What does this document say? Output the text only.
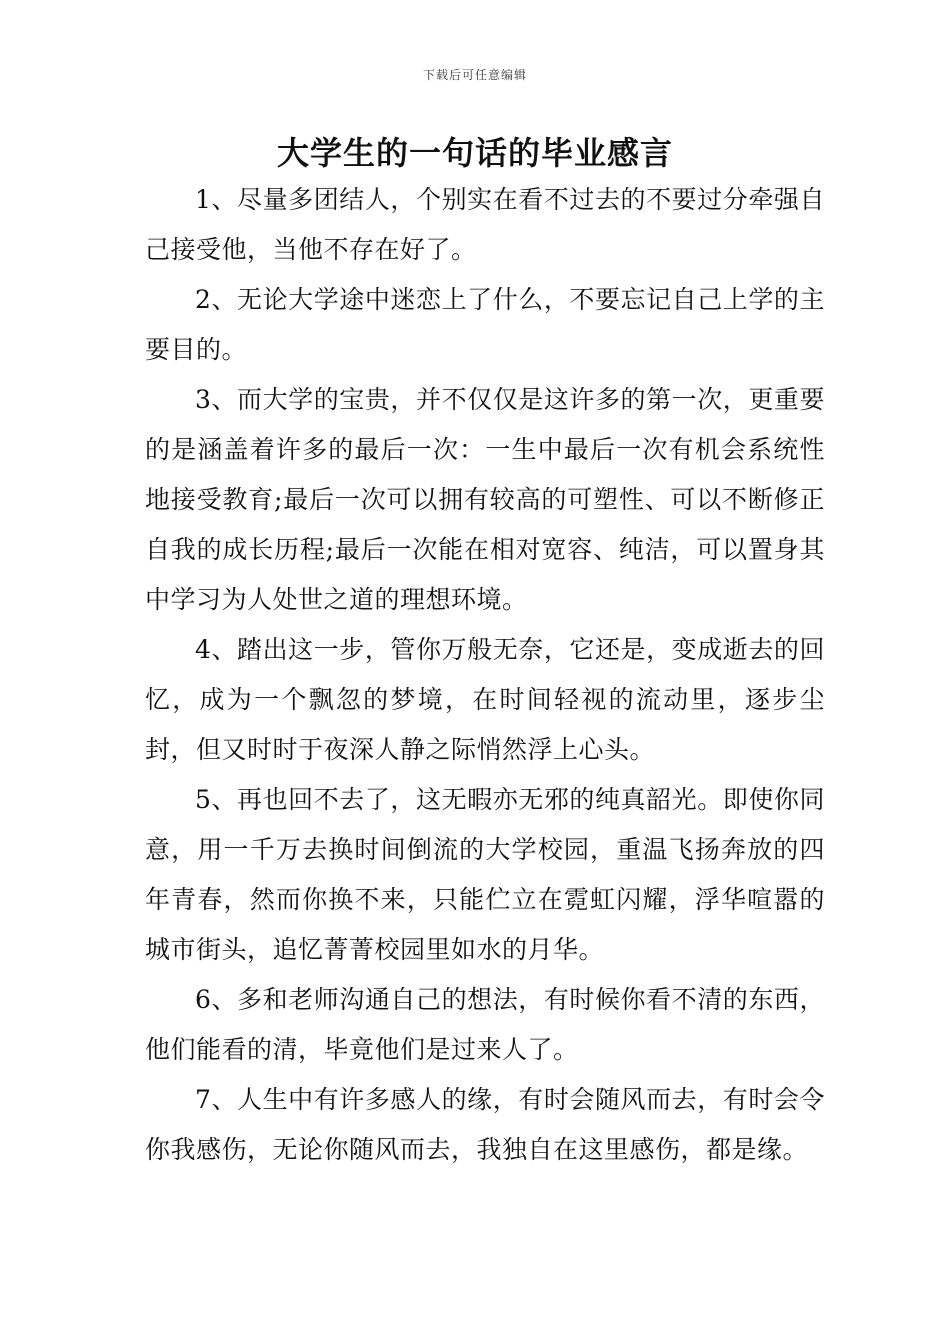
下载后可任意编辑
大学生的一句话的毕业感言

1、尽量多团结人，个别实在看不过去的不要过分牵强自己接受他，当他不存在好了。

2、无论大学途中迷恋上了什么，不要忘记自己上学的主要目的。

3、而大学的宝贵，并不仅仅是这许多的第一次，更重要的是涵盖着许多的最后一次：一生中最后一次有机会系统性地接受教育;最后一次可以拥有较高的可塑性、可以不断修正自我的成长历程;最后一次能在相对宽容、纯洁，可以置身其中学习为人处世之道的理想环境。

4、踏出这一步，管你万般无奈，它还是，变成逝去的回忆，成为一个飘忽的梦境，在时间轻视的流动里，逐步尘封，但又时时于夜深人静之际悄然浮上心头。

5、再也回不去了，这无暇亦无邪的纯真韶光。即使你同意，用一千万去换时间倒流的大学校园，重温飞扬奔放的四年青春，然而你换不来，只能伫立在霓虹闪耀，浮华喧嚣的城市街头，追忆菁菁校园里如水的月华。

6、多和老师沟通自己的想法，有时候你看不清的东西，他们能看的清，毕竟他们是过来人了。

7、人生中有许多感人的缘，有时会随风而去，有时会令你我感伤，无论你随风而去，我独自在这里感伤，都是缘。
